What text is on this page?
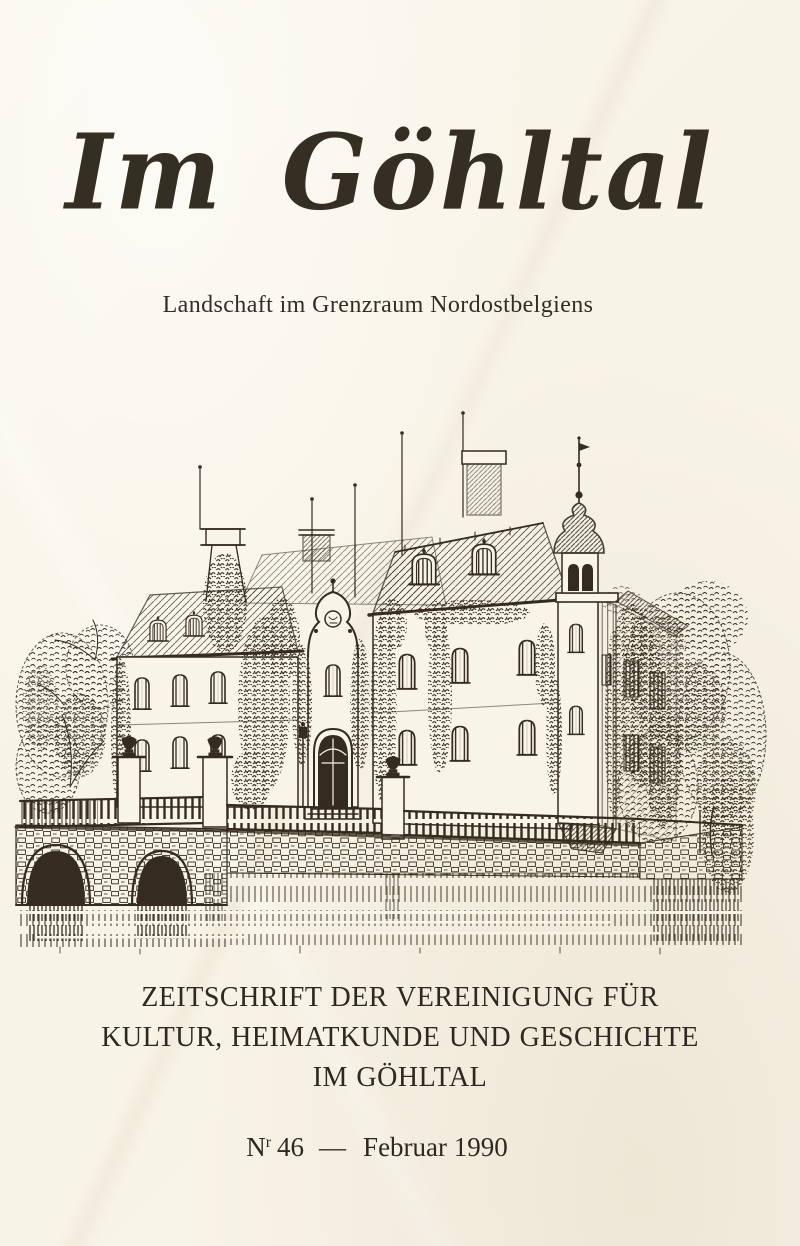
Im Göhltal

Landschaft im Grenzraum Nordostbelgiens

ZEITSCHRIFT DER VEREINIGUNG FÜR
KULTUR, HEIMATKUNDE UND GESCHICHTE
IM GÖHLTAL
$N^r$ 46 — Februar 1990
